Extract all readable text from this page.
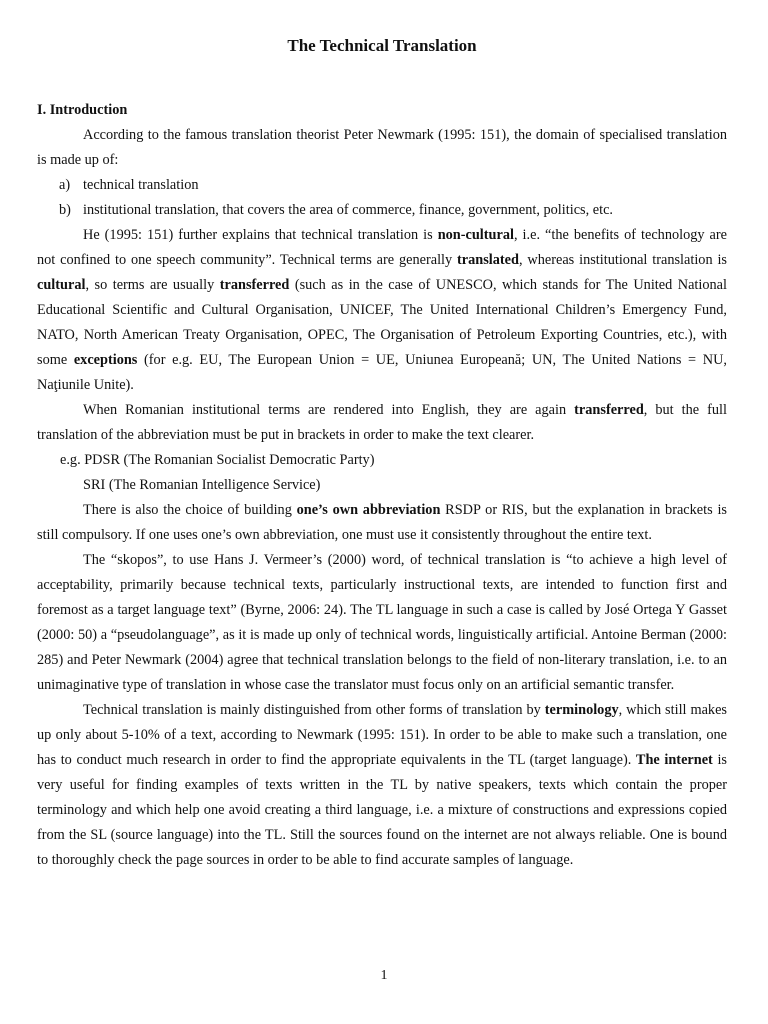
The Technical Translation
I. Introduction

According to the famous translation theorist Peter Newmark (1995: 151), the domain of specialised translation is made up of:

a) technical translation
b) institutional translation, that covers the area of commerce, finance, government, politics, etc.

He (1995: 151) further explains that technical translation is non-cultural, i.e. “the benefits of technology are not confined to one speech community”. Technical terms are generally translated, whereas institutional translation is cultural, so terms are usually transferred (such as in the case of UNESCO, which stands for The United National Educational Scientific and Cultural Organisation, UNICEF, The United International Children’s Emergency Fund, NATO, North American Treaty Organisation, OPEC, The Organisation of Petroleum Exporting Countries, etc.), with some exceptions (for e.g. EU, The European Union = UE, Uniunea Europeană; UN, The United Nations = NU, Naţiunile Unite).

When Romanian institutional terms are rendered into English, they are again transferred, but the full translation of the abbreviation must be put in brackets in order to make the text clearer.

e.g. PDSR (The Romanian Socialist Democratic Party)
SRI (The Romanian Intelligence Service)

There is also the choice of building one’s own abbreviation RSDP or RIS, but the explanation in brackets is still compulsory. If one uses one’s own abbreviation, one must use it consistently throughout the entire text.

The “skopos”, to use Hans J. Vermeer’s (2000) word, of technical translation is “to achieve a high level of acceptability, primarily because technical texts, particularly instructional texts, are intended to function first and foremost as a target language text” (Byrne, 2006: 24). The TL language in such a case is called by José Ortega Y Gasset (2000: 50) a “pseudolanguage”, as it is made up only of technical words, linguistically artificial. Antoine Berman (2000: 285) and Peter Newmark (2004) agree that technical translation belongs to the field of non-literary translation, i.e. to an unimaginative type of translation in whose case the translator must focus only on an artificial semantic transfer.

Technical translation is mainly distinguished from other forms of translation by terminology, which still makes up only about 5-10% of a text, according to Newmark (1995: 151). In order to be able to make such a translation, one has to conduct much research in order to find the appropriate equivalents in the TL (target language). The internet is very useful for finding examples of texts written in the TL by native speakers, texts which contain the proper terminology and which help one avoid creating a third language, i.e. a mixture of constructions and expressions copied from the SL (source language) into the TL. Still the sources found on the internet are not always reliable. One is bound to thoroughly check the page sources in order to be able to find accurate samples of language.

1
